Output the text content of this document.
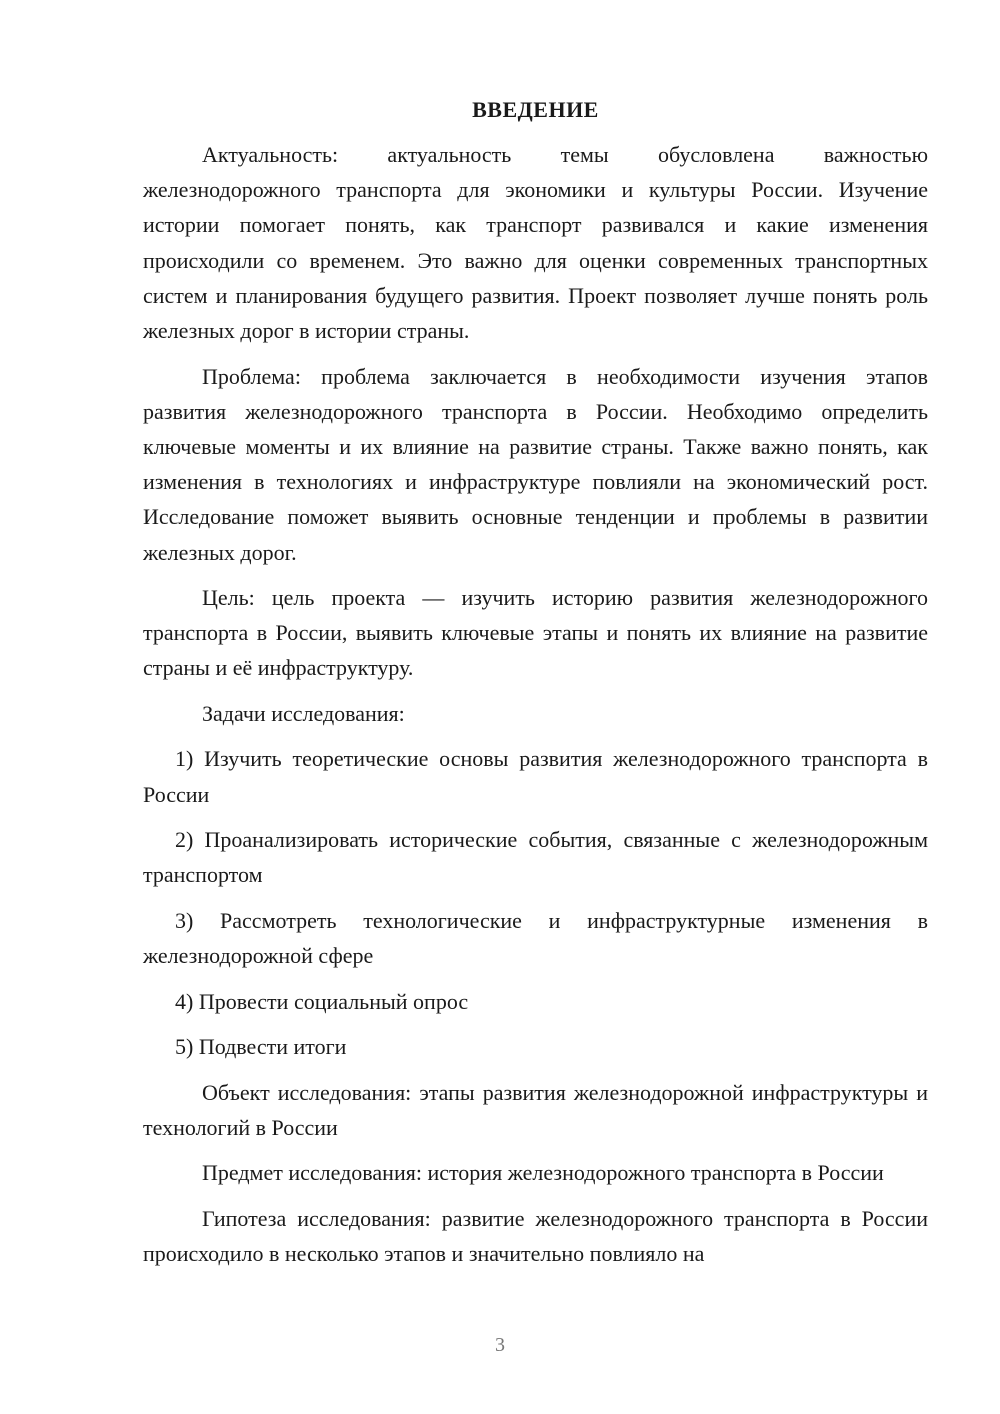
ВВЕДЕНИЕ

Актуальность: актуальность темы обусловлена важностью железнодорожного транспорта для экономики и культуры России. Изучение истории помогает понять, как транспорт развивался и какие изменения происходили со временем. Это важно для оценки современных транспортных систем и планирования будущего развития. Проект позволяет лучше понять роль железных дорог в истории страны.

Проблема: проблема заключается в необходимости изучения этапов развития железнодорожного транспорта в России. Необходимо определить ключевые моменты и их влияние на развитие страны. Также важно понять, как изменения в технологиях и инфраструктуре повлияли на экономический рост. Исследование поможет выявить основные тенденции и проблемы в развитии железных дорог.

Цель: цель проекта — изучить историю развития железнодорожного транспорта в России, выявить ключевые этапы и понять их влияние на развитие страны и её инфраструктуру.

Задачи исследования:

1) Изучить теоретические основы развития железнодорожного транспорта в России

2) Проанализировать исторические события, связанные с железнодорожным транспортом

3) Рассмотреть технологические и инфраструктурные изменения в железнодорожной сфере

4) Провести социальный опрос

5) Подвести итоги

Объект исследования: этапы развития железнодорожной инфраструктуры и технологий в России

Предмет исследования: история железнодорожного транспорта в России

Гипотеза исследования: развитие железнодорожного транспорта в России происходило в несколько этапов и значительно повлияло на

3
